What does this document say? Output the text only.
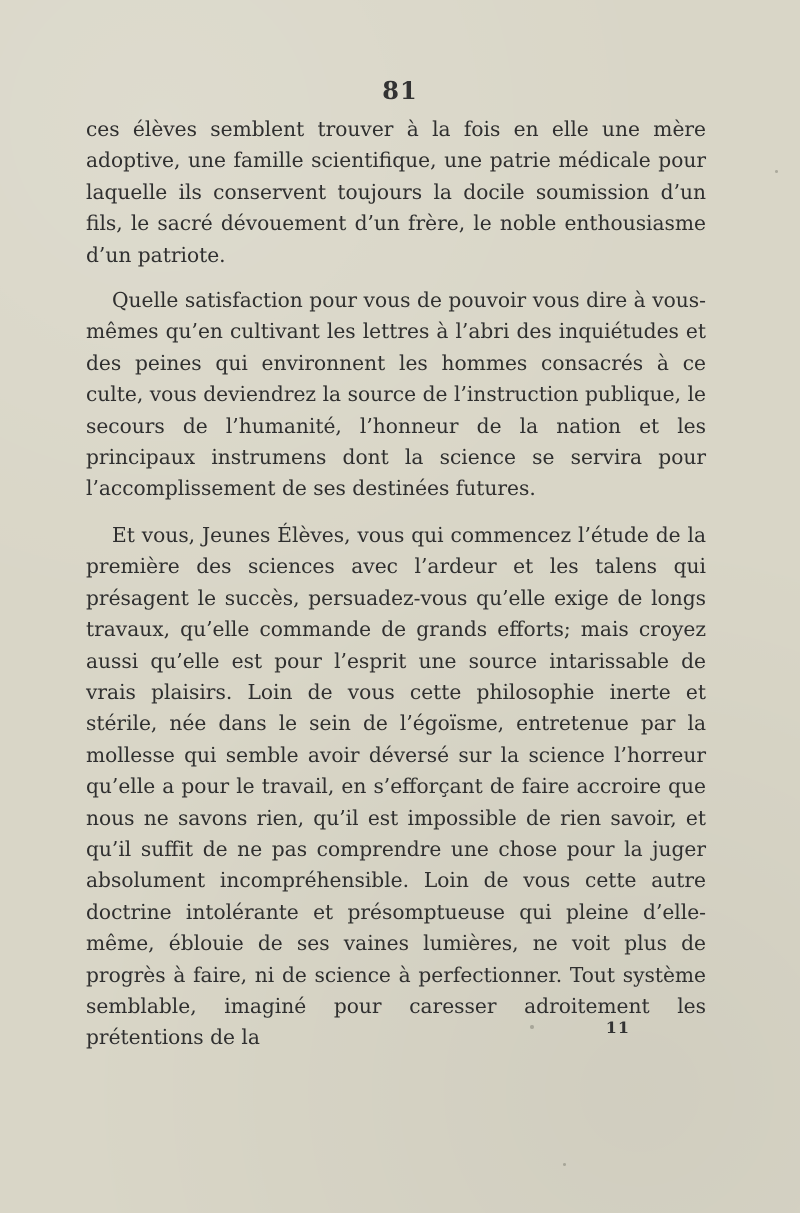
81

ces élèves semblent trouver à la fois en elle une mère adoptive, une famille scientifique, une patrie médicale pour laquelle ils conservent toujours la docile soumission d’un fils, le sacré dévouement d’un frère, le noble enthousiasme d’un patriote.

Quelle satisfaction pour vous de pouvoir vous dire à vous-mêmes qu’en cultivant les lettres à l’abri des inquiétudes et des peines qui environnent les hommes consacrés à ce culte, vous deviendrez la source de l’instruction publique, le secours de l’humanité, l’honneur de la nation et les principaux instrumens dont la science se servira pour l’accomplissement de ses destinées futures.

Et vous, Jeunes Élèves, vous qui commencez l’étude de la première des sciences avec l’ardeur et les talens qui présagent le succès, persuadez-vous qu’elle exige de longs travaux, qu’elle commande de grands efforts; mais croyez aussi qu’elle est pour l’esprit une source intarissable de vrais plaisirs. Loin de vous cette philosophie inerte et stérile, née dans le sein de l’égoïsme, entretenue par la mollesse qui semble avoir déversé sur la science l’horreur qu’elle a pour le travail, en s’efforçant de faire accroire que nous ne savons rien, qu’il est impossible de rien savoir, et qu’il suffit de ne pas comprendre une chose pour la juger absolument incompréhensible. Loin de vous cette autre doctrine intolérante et présomptueuse qui pleine d’elle-même, éblouie de ses vaines lumières, ne voit plus de progrès à faire, ni de science à perfectionner. Tout système semblable, imaginé pour caresser adroitement les prétentions de la	11
